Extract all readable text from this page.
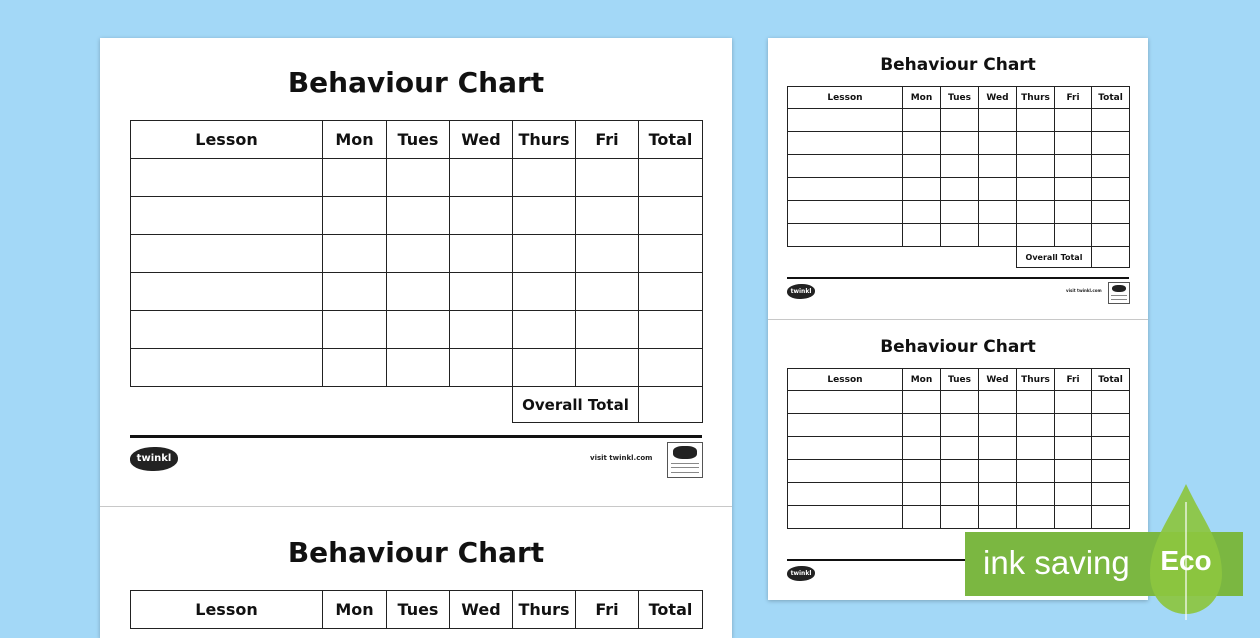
Behaviour Chart
Lesson	Mon	Tues	Wed	Thurs	Fri	Total

				Overall Total		
twinkl	visit twinkl.com
Behaviour Chart
Lesson	Mon	Tues	Wed	Thurs	Fri	Total
Behaviour Chart
Lesson	Mon	Tues	Wed	Thurs	Fri	Total

				Overall Total		
twinkl	visit twinkl.com
Behaviour Chart
Lesson	Mon	Tues	Wed	Thurs	Fri	Total

twinkl	ink saving Eco
